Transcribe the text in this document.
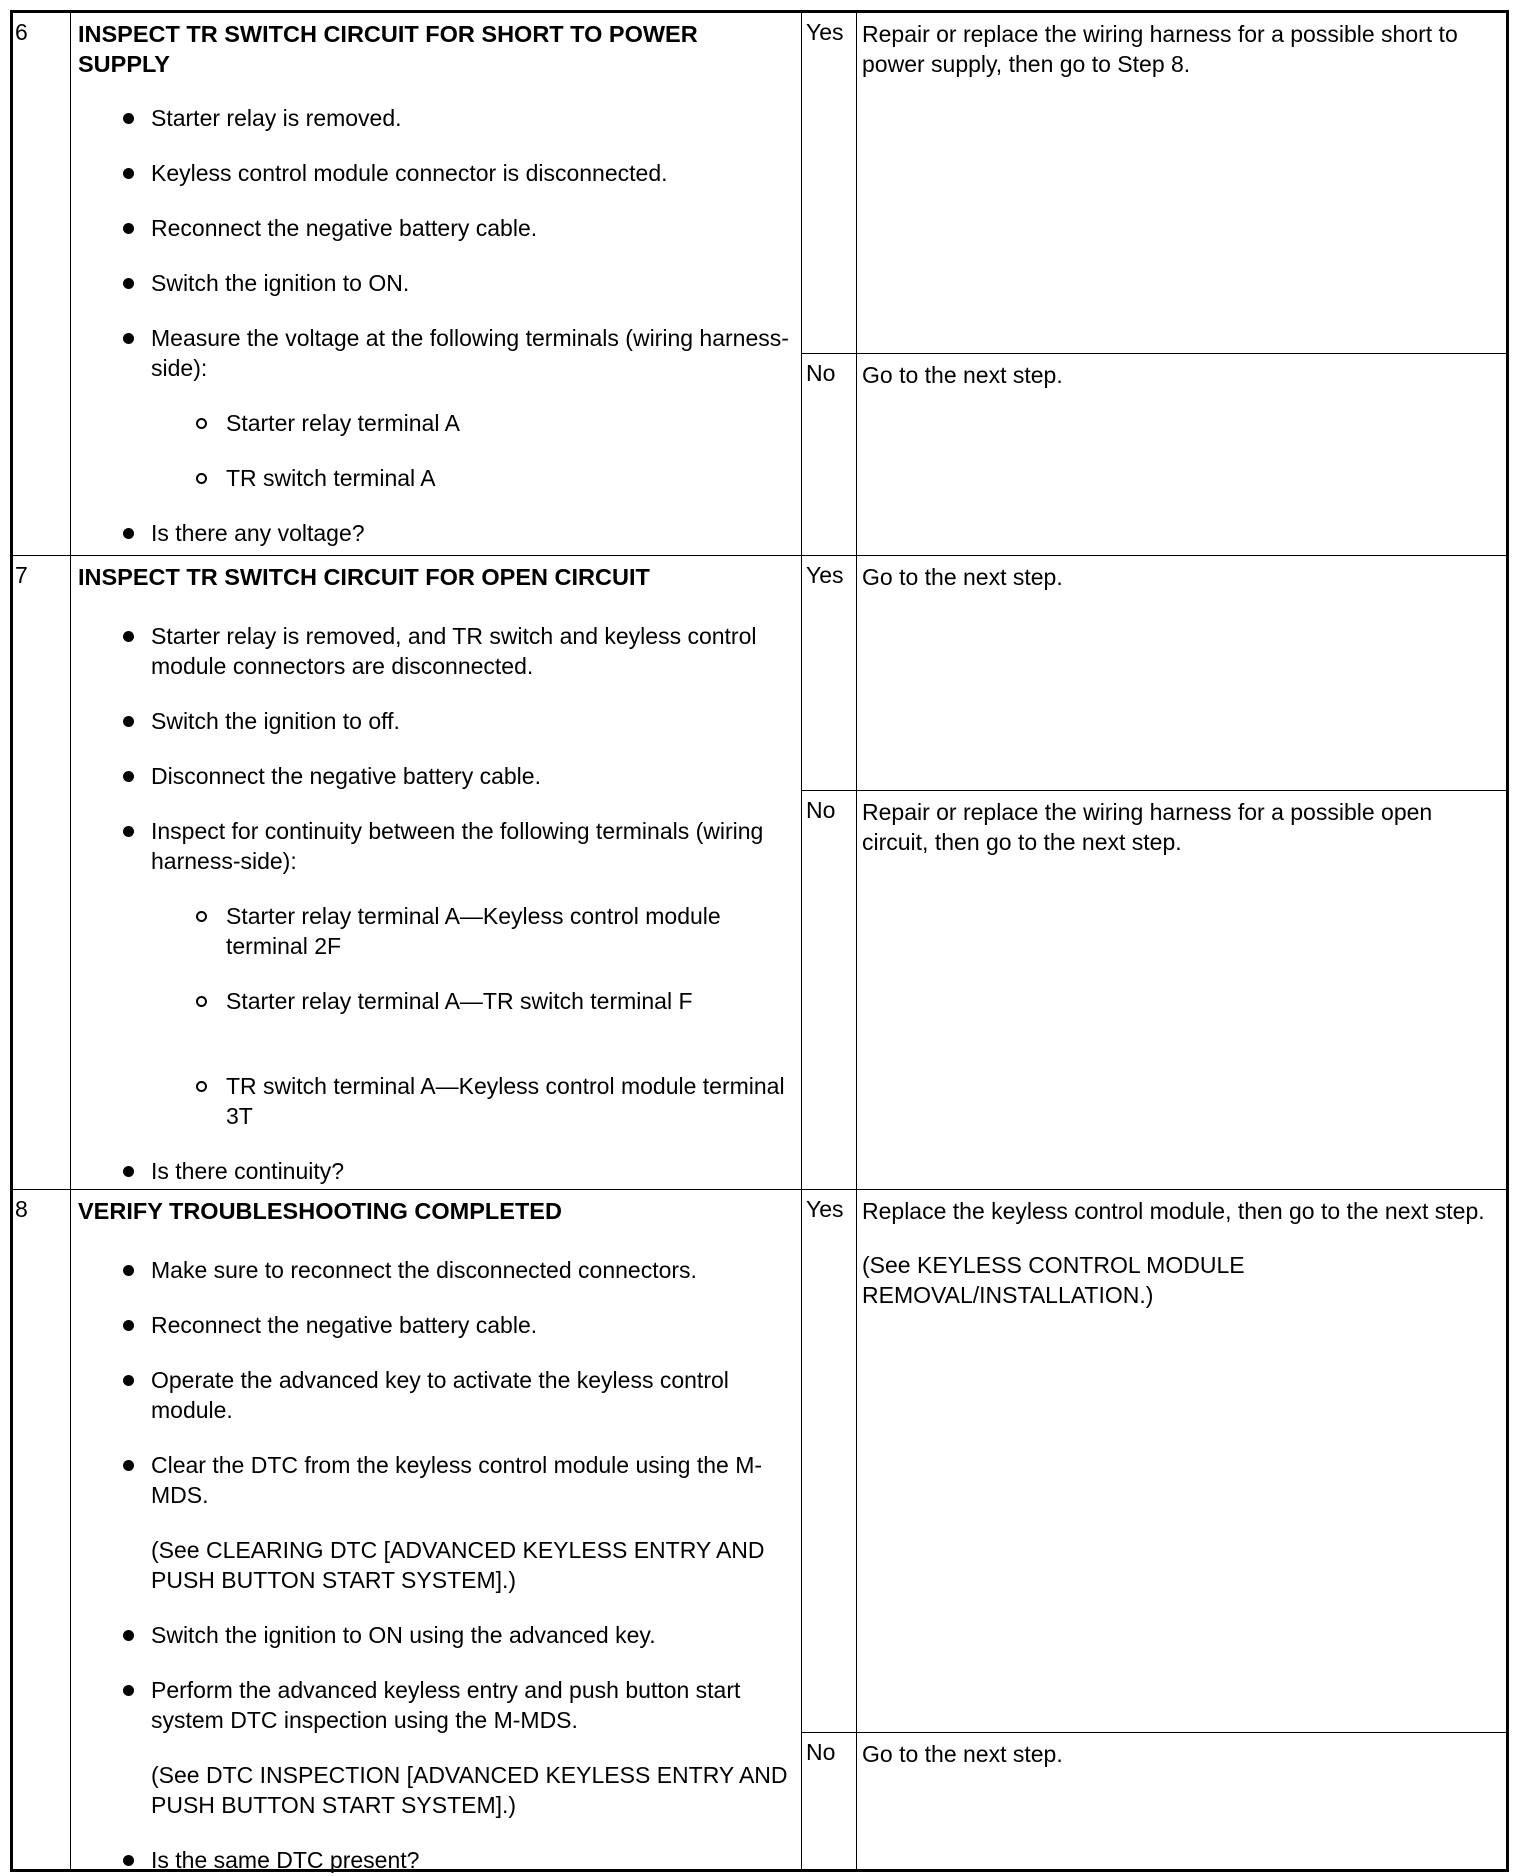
6	INSPECT TR SWITCH CIRCUIT FOR SHORT TO POWER SUPPLY
Starter relay is removed.
Keyless control module connector is disconnected.
Reconnect the negative battery cable.
Switch the ignition to ON.
Measure the voltage at the following terminals (wiring harness-side):
Starter relay terminal A
TR switch terminal A
Is there any voltage?
Yes Repair or replace the wiring harness for a possible short to power supply, then go to Step 8.

No	Go to the next step.

7	INSPECT TR SWITCH CIRCUIT FOR OPEN CIRCUIT
Starter relay is removed, and TR switch and keyless control module connectors are disconnected.
Switch the ignition to off.
Disconnect the negative battery cable.
Inspect for continuity between the following terminals (wiring harness-side):
Starter relay terminal A—Keyless control module terminal 2F
Starter relay terminal A—TR switch terminal F
TR switch terminal A—Keyless control module terminal 3T
Is there continuity?
Yes Go to the next step.

No	Repair or replace the wiring harness for a possible open circuit, then go to the next step.

8	VERIFY TROUBLESHOOTING COMPLETED
Make sure to reconnect the disconnected connectors.
Reconnect the negative battery cable.
Operate the advanced key to activate the keyless control module.
Clear the DTC from the keyless control module using the M-MDS.
(See CLEARING DTC [ADVANCED KEYLESS ENTRY AND PUSH BUTTON START SYSTEM].)
Switch the ignition to ON using the advanced key.
Perform the advanced keyless entry and push button start system DTC inspection using the M-MDS.
(See DTC INSPECTION [ADVANCED KEYLESS ENTRY AND PUSH BUTTON START SYSTEM].)
Is the same DTC present?
Yes Replace the keyless control module, then go to the next step.

(See KEYLESS CONTROL MODULE REMOVAL/INSTALLATION.)

No	Go to the next step.
